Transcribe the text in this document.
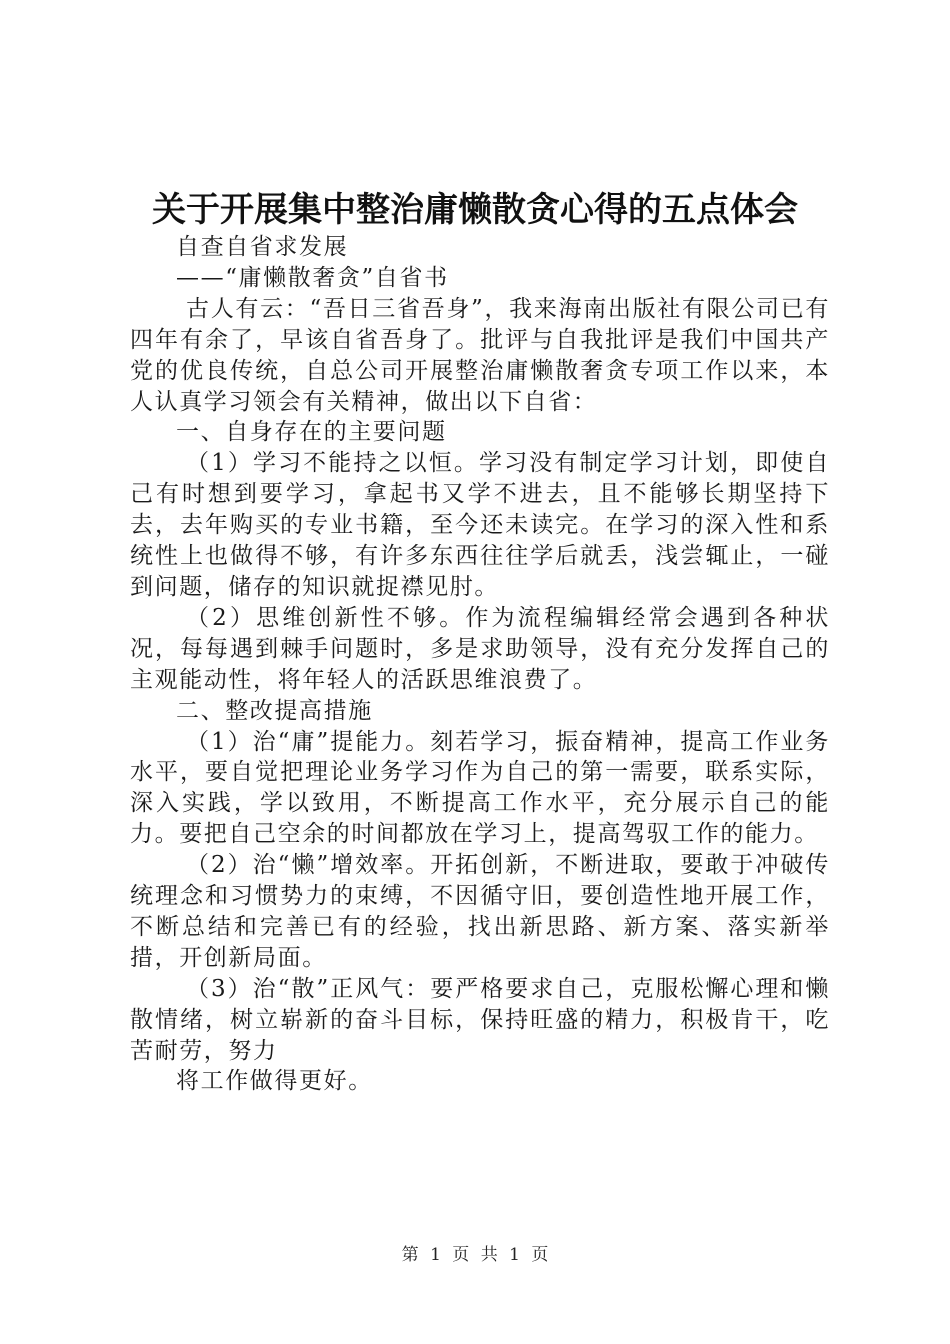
关于开展集中整治庸懒散贪心得的五点体会

自查自省求发展

——“庸懒散奢贪”自省书

古人有云：“吾日三省吾身”，我来海南出版社有限公司已有四年有余了，早该自省吾身了。批评与自我批评是我们中国共产党的优良传统，自总公司开展整治庸懒散奢贪专项工作以来，本人认真学习领会有关精神，做出以下自省：

一、自身存在的主要问题

（1）学习不能持之以恒。学习没有制定学习计划，即使自己有时想到要学习，拿起书又学不进去，且不能够长期坚持下去，去年购买的专业书籍，至今还未读完。在学习的深入性和系统性上也做得不够，有许多东西往往学后就丢，浅尝辄止，一碰到问题，储存的知识就捉襟见肘。

（2）思维创新性不够。作为流程编辑经常会遇到各种状况，每每遇到棘手问题时，多是求助领导，没有充分发挥自己的主观能动性，将年轻人的活跃思维浪费了。

二、整改提高措施

（1）治“庸”提能力。刻若学习，振奋精神，提高工作业务水平，要自觉把理论业务学习作为自己的第一需要，联系实际，深入实践，学以致用，不断提高工作水平，充分展示自己的能力。要把自己空余的时间都放在学习上，提高驾驭工作的能力。

（2）治“懒”增效率。开拓创新，不断进取，要敢于冲破传统理念和习惯势力的束缚，不因循守旧，要创造性地开展工作，不断总结和完善已有的经验，找出新思路、新方案、落实新举措，开创新局面。

（3）治“散”正风气：要严格要求自己，克服松懈心理和懒散情绪，树立崭新的奋斗目标，保持旺盛的精力，积极肯干，吃苦耐劳，努力

将工作做得更好。

第 1 页 共 1 页
